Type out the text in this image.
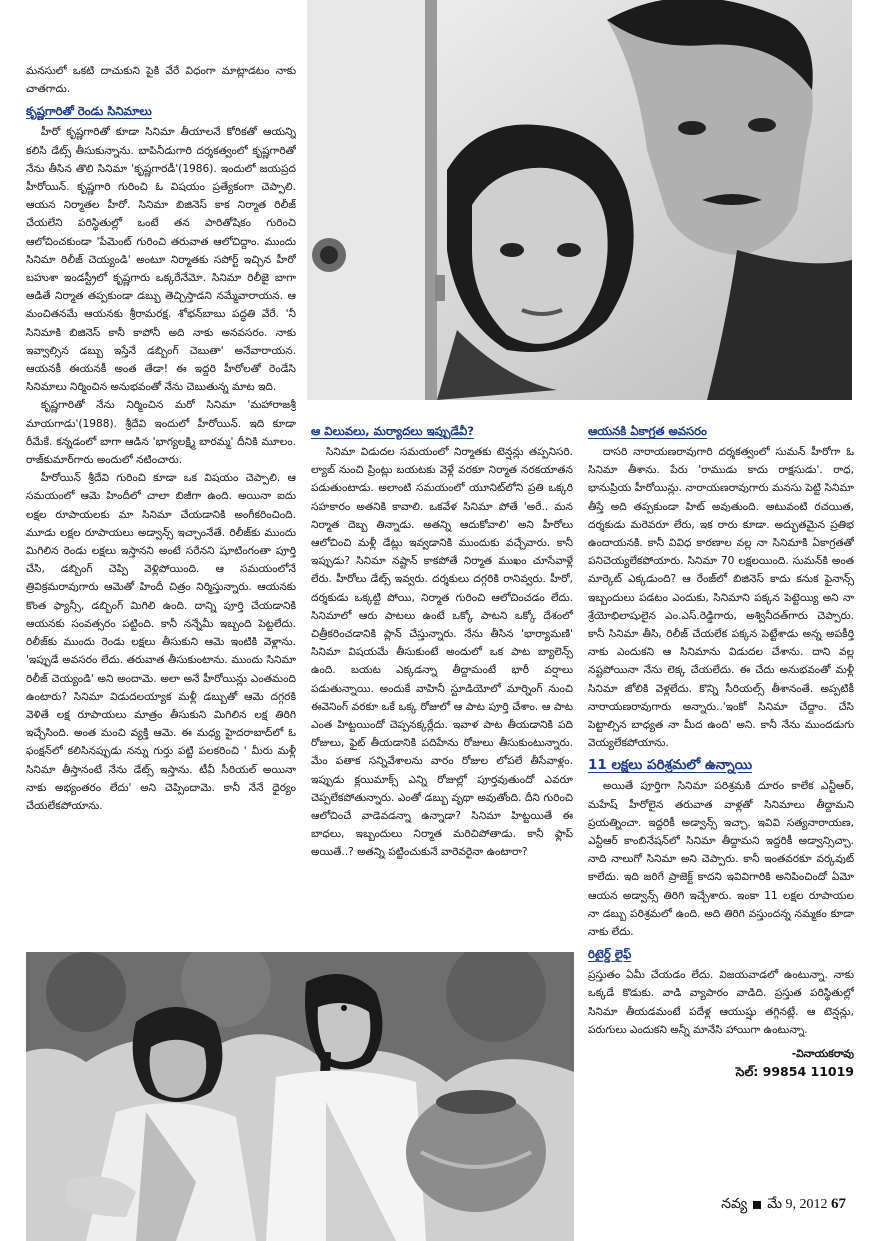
మనసులో ఒకటి దాచుకుని పైకి వేరే విధంగా మాట్లాడటం నాకు చాతగాదు.

కృష్ణగారితో రెండు సినిమాలు

హీరో కృష్ణగారితో కూడా సినిమా తీయాలనే కోరికతో ఆయన్ని కలిసి డేట్స్ తీసుకున్నాను. బాపినీడుగారి దర్శకత్వంలో కృష్ణగారితో నేను తీసిన తొలి సినిమా 'కృష్ణగారడీ'(1986). ఇందులో జయప్రద హీరోయిన్. కృష్ణగారి గురించి ఓ విషయం ప్రత్యేకంగా చెప్పాలి. ఆయన నిర్మాతల హీరో. సినిమా బిజినెస్ కాక నిర్మాత రిలీజ్ చేయలేని పరిస్థితుల్లో ఒంటే తన పారితోషికం గురించి ఆలోచించకుండా 'పేమెంట్ గురించి తరువాత ఆలోచిద్దాం. ముందు సినిమా రిలీజ్ చెయ్యండి' అంటూ నిర్మాతకు సపోర్ట్ ఇచ్చిన హీరో బహుశా ఇండస్ట్రీలో కృష్ణగారు ఒక్కరేనేమో. సినిమా రిలీజై బాగా ఆడితే నిర్మాత తప్పకుండా డబ్బు తెచ్చిస్తాడని నమ్మేవారాయన. ఆ మంచితనమే ఆయనకు శ్రీరామరక్ష. శోభన్‌బాబు పద్ధతి వేరే. 'నీ సినిమాకి బిజినెస్ కానీ కాపోనీ అది నాకు అనవసరం. నాకు ఇవ్వాల్సిన డబ్బు ఇస్తేనే డబ్బింగ్ చెబుతా' అనేవారాయన. ఆయనకీ ఈయనకీ అంత తేడా! ఈ ఇద్దరి హీరోలతో రెండేసి సినిమాలు నిర్మించిన అనుభవంతో నేను చెబుతున్న మాట ఇది.

కృష్ణగారితో నేను నిర్మించిన మరో సినిమా 'మహారాజశ్రీ మాయగాడు'(1988). శ్రీదేవి ఇందులో హీరోయిన్. ఇది కూడా రీమేకే. కన్నడంలో బాగా ఆడిన 'భాగ్యలక్ష్మి బారమ్మ' దీనికి మూలం. రాజ్‌కుమార్‌గారు అందులో నటించారు.

హీరోయిన్ శ్రీదేవి గురించి కూడా ఒక విషయం చెప్పాలి. ఆ సమయంలో ఆమె హిందీలో చాలా బిజీగా ఉంది. అయినా ఐదు లక్షల రూపాయలకు మా సినిమా చేయడానికి అంగీకరించింది. మూడు లక్షల రూపాయలు అడ్వాన్స్ ఇచ్చాంనేతే. రిలీజ్‌కు ముందు మిగిలిన రెండు లక్షలు ఇస్తానని అంటే సరేనని షూటింగంతా పూర్తి చేసి, డబ్బింగ్ చెప్పి వెళ్లిపోయింది. ఆ సమయంలోనే త్రివిక్రమరావుగారు ఆమెతో హిందీ చిత్రం నిర్మిస్తున్నారు. ఆయనకు కొంత ఫ్యాన్సీ, డబ్బింగ్ మిగిలి ఉంది. దాన్ని పూర్తి చేయడానికి ఆయనకు సంవత్సరం పట్టింది. కానీ నన్నేమీ ఇబ్బంది పెట్టలేదు. రిలీజ్‌కు ముందు రెండు లక్షలు తీసుకుని ఆమె ఇంటికి వెళ్లాను. 'ఇప్పుడే అవసరం లేదు. తరువాత తీసుకుంటాను. ముందు సినిమా రిలీజ్ చెయ్యండి' అని అందామె. అలా అనే హీరోయిన్లు ఎంతమంది ఉంటారు? సినిమా విడుదలయ్యాక మళ్లీ డబ్బుతో ఆమె దగ్గరకి వెళితే లక్ష రూపాయలు మాత్రం తీసుకుని మిగిలిన లక్ష తిరిగి ఇచ్చేసింది. అంత మంచి వ్యక్తి ఆమె. ఈ మధ్య హైదరాబాద్‌లో ఓ ఫంక్షన్‌లో కలిసినప్పుడు నన్ను గుర్తు పట్టి పలకరించి ' మీరు మళ్లీ సినిమా తీస్తానంటే నేను డేట్స్ ఇస్తాను. టీవీ సీరియల్ అయినా నాకు అభ్యంతరం లేదు' అని చెప్పిందామె. కానీ నేనే ధైర్యం చేయలేకపోయాను.

ఆ విలువలు, మర్యాదలు ఇప్పుడేవీ?

సినిమా విడుదల సమయంలో నిర్మాతకు టెన్షన్లు తప్పనిసరి. ల్యాబ్ నుంచి ప్రింట్లు బయటకు వెళ్లే వరకూ నిర్మాత నరకయాతన పడుతుంటాడు. అలాంటి సమయంలో యూనిట్‌లోని ప్రతి ఒక్కరి సహకారం అతనికి కావాలి. ఒకవేళ సినిమా పోతే 'అరే.. మన నిర్మాత దెబ్బ తిన్నాడు. అతన్ని ఆదుకోవాలి' అని హీరోలు ఆలోచించి మళ్లీ డేట్లు ఇవ్వడానికి ముందుకు వచ్చేవారు. కానీ ఇప్పుడు? సినిమా నష్టాన్ కాకపోతే నిర్మాత ముఖం చూసేవాళ్లే లేరు. హీరోలు డేట్స్ ఇవ్వరు. దర్శకులు దగ్గరికి రానివ్వరు. హీరో, దర్శకుడు ఒక్కట్టి పోయి, నిర్మాత గురించి ఆలోచించడం లేదు. సినిమాలో ఆరు పాటలు ఉంటే ఒక్కో పాటని ఒక్కో దేశంలో చిత్రీకరించడానికి ప్లాన్ చేస్తున్నారు. నేను తీసిన 'భార్యామణి' సినిమా విషయమే తీసుకుంటే అందులో ఒక పాట బ్యాలెన్స్ ఉంది. బయట ఎక్కడన్నా తీద్దామంటే భారీ వర్షాలు పడుతున్నాయి. అందుకే వాహినీ స్టూడియోలో మార్నింగ్ నుంచి ఈవెనింగ్ వరకూ ఒకే ఒక్క రోజులో ఆ పాట పూర్తి చేశాం. ఆ పాట ఎంత హిట్టయిందో చెప్పనక్కర్లేదు. ఇవాళ పాట తీయడానికి పది రోజులు, ఫైట్ తీయడానికి పదిహేను రోజులు తీసుకుంటున్నారు. మేం పతాక సన్నివేశాలను వారం రోజుల లోపలే తీసేవాళ్లం. ఇప్పుడు క్లయిమాక్స్ ఎన్ని రోజుల్లో పూర్తవుతుందో ఎవరూ చెప్పలేకపోతున్నారు. ఎంతో డబ్బు వృథా అవుతోంది. దీని గురించి ఆలోచించే వాడెవడన్నా ఉన్నాడా? సినిమా హిట్టయితే ఈ బాధలు, ఇబ్బందులు నిర్మాత మరిచిపోతాడు. కానీ ఫ్లాప్ అయితే..? అతన్ని పట్టించుకునే వారెవరైనా ఉంటారా?

ఆయనకి ఏకాగ్రత అవసరం

దాసరి నారాయణరావుగారి దర్శకత్వంలో సుమన్ హీరోగా ఓ సినిమా తీశాను. పేరు 'రాముడు కాదు రాక్షసుడు'. రాధ, భానుప్రియ హీరోయిన్లు. నారాయణరావుగారు మనసు పెట్టి సినిమా తీస్తే అది తప్పకుండా హిట్ అవుతుంది. అటువంటి రచయిత, దర్శకుడు మరెవరూ లేరు, ఇక రారు కూడా. అద్భుతమైన ప్రతిభ ఉందాయనకి. కానీ వివిధ కారణాల వల్ల నా సినిమాకి ఏకాగ్రతతో పనిచెయ్యలేకపోయారు. సినిమా 70 లక్షలయింది. సుమన్‌కి అంత మార్కెట్ ఎక్కడుంది? ఆ రేంజ్‌లో బిజినెస్ కాదు కనుక ఫైనాన్స్ ఇబ్బందులు పడటం ఎందుకు, సినిమాని పక్కన పెట్టెయ్యి అని నా శ్రేయోభిలాషులైన ఎం.ఎస్.రెడ్డిగారు, అశ్వినీదత్‌గారు చెప్పారు. కానీ సినిమా తీసి, రిలీజ్ చేయలేక పక్కన పెట్టేశాడు అన్న అపకీర్తి నాకు ఎందుకని ఆ సినిమాను విడుదల చేశాను. దాని వల్ల నష్టపోయినా నేను లెక్క చేయలేదు. ఈ చేదు అనుభవంతో మళ్లీ సినిమా జోలికి వెళ్లలేదు. కొన్ని సీరియల్స్ తీశానంతే. అప్పటికీ నారాయణరావుగారు అన్నారు..'ఇంకో సినిమా చేద్దాం. చేసి పెట్టాల్సిన బాధ్యత నా మీద ఉంది' అని. కానీ నేను ముందడుగు వెయ్యలేకపోయాను.

11 లక్షలు పరిశ్రమలో ఉన్నాయి

అయితే పూర్తిగా సినిమా పరిశ్రమకి దూరం కాలేక ఎన్టీఆర్, మహేష్ హీరోలైన తరువాత వాళ్లతో సినిమాలు తీద్దామని ప్రయత్నించా. ఇద్దరికీ అడ్వాన్స్ ఇచ్చా. ఇవివి సత్యనారాయణ, ఎన్టీఆర్ కాంబినేషన్‌లో సినిమా తీద్దామని ఇద్దరికీ అడ్వాన్సిచ్చా. నాది నాలుగో సినిమా అని చెప్పారు. కానీ ఇంతవరకూ వర్కవుట్ కాలేదు. ఇది జరిగే ప్రాజెక్ట్ కాదని ఇవివిగారికి అనిపించిందో ఏమో ఆయన అడ్వాన్స్ తిరిగి ఇచ్చేశారు. ఇంకా 11 లక్షల రూపాయల నా డబ్బు పరిశ్రమలో ఉంది. అది తిరిగి వస్తుందన్న నమ్మకం కూడా నాకు లేదు.

రిటైర్డ్ లైఫ్

ప్రస్తుతం ఏమీ చేయడం లేదు. విజయవాడలో ఉంటున్నా. నాకు ఒక్కడే కొడుకు. వాడి వ్యాపారం వాడిది. ప్రస్తుత పరిస్థితుల్లో సినిమా తీయడమంటే పదేళ్ల ఆయుష్షు తగ్గినట్లే. ఆ టెన్షన్లు, పరుగులు ఎందుకని అన్నీ మానేసి హాయిగా ఉంటున్నా.

-వినాయకరావు

సెల్: 99854 11019

నవ్య మే 9, 2012 67
